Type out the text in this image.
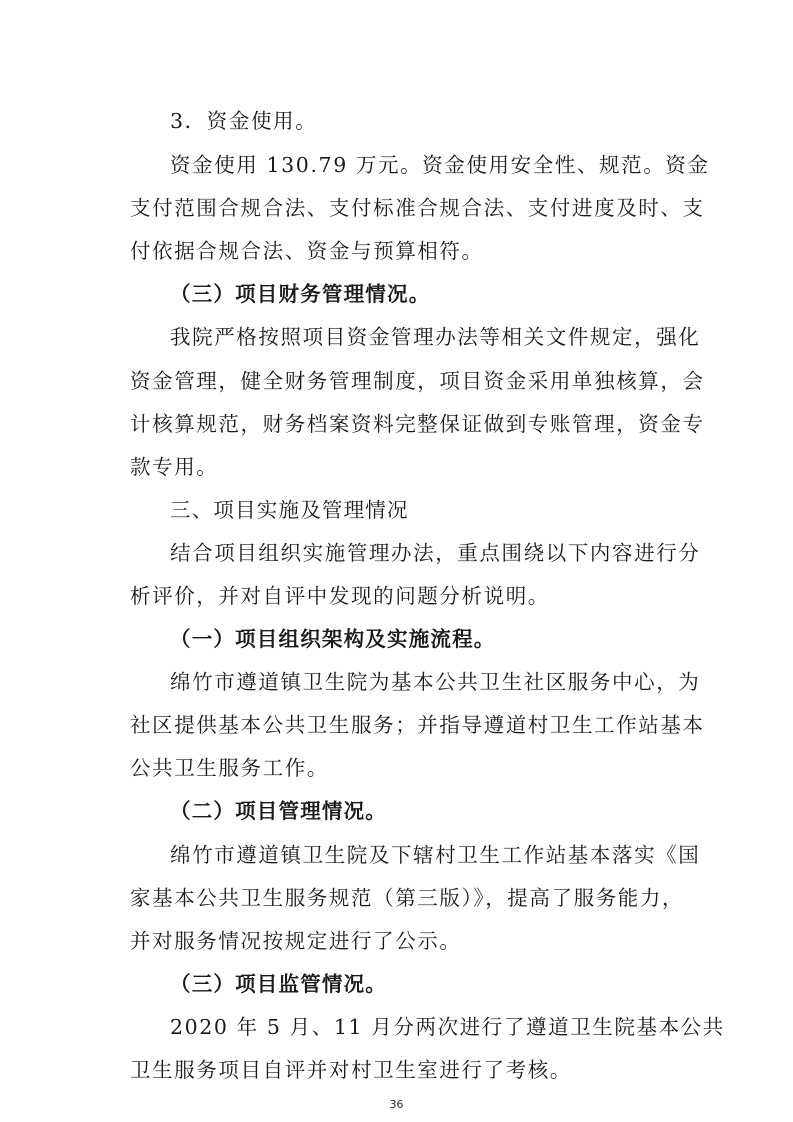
3．资金使用。
资金使用 130.79 万元。资金使用安全性、规范。资金
支付范围合规合法、支付标准合规合法、支付进度及时、支
付依据合规合法、资金与预算相符。
（三）项目财务管理情况。
我院严格按照项目资金管理办法等相关文件规定，强化
资金管理，健全财务管理制度，项目资金采用单独核算，会
计核算规范，财务档案资料完整保证做到专账管理，资金专
款专用。
三、项目实施及管理情况
结合项目组织实施管理办法，重点围绕以下内容进行分
析评价，并对自评中发现的问题分析说明。
（一）项目组织架构及实施流程。
绵竹市遵道镇卫生院为基本公共卫生社区服务中心，为
社区提供基本公共卫生服务；并指导遵道村卫生工作站基本
公共卫生服务工作。
（二）项目管理情况。
绵竹市遵道镇卫生院及下辖村卫生工作站基本落实《国
家基本公共卫生服务规范（第三版）》，提高了服务能力，
并对服务情况按规定进行了公示。
（三）项目监管情况。
2020 年 5 月、11 月分两次进行了遵道卫生院基本公共
卫生服务项目自评并对村卫生室进行了考核。
36
